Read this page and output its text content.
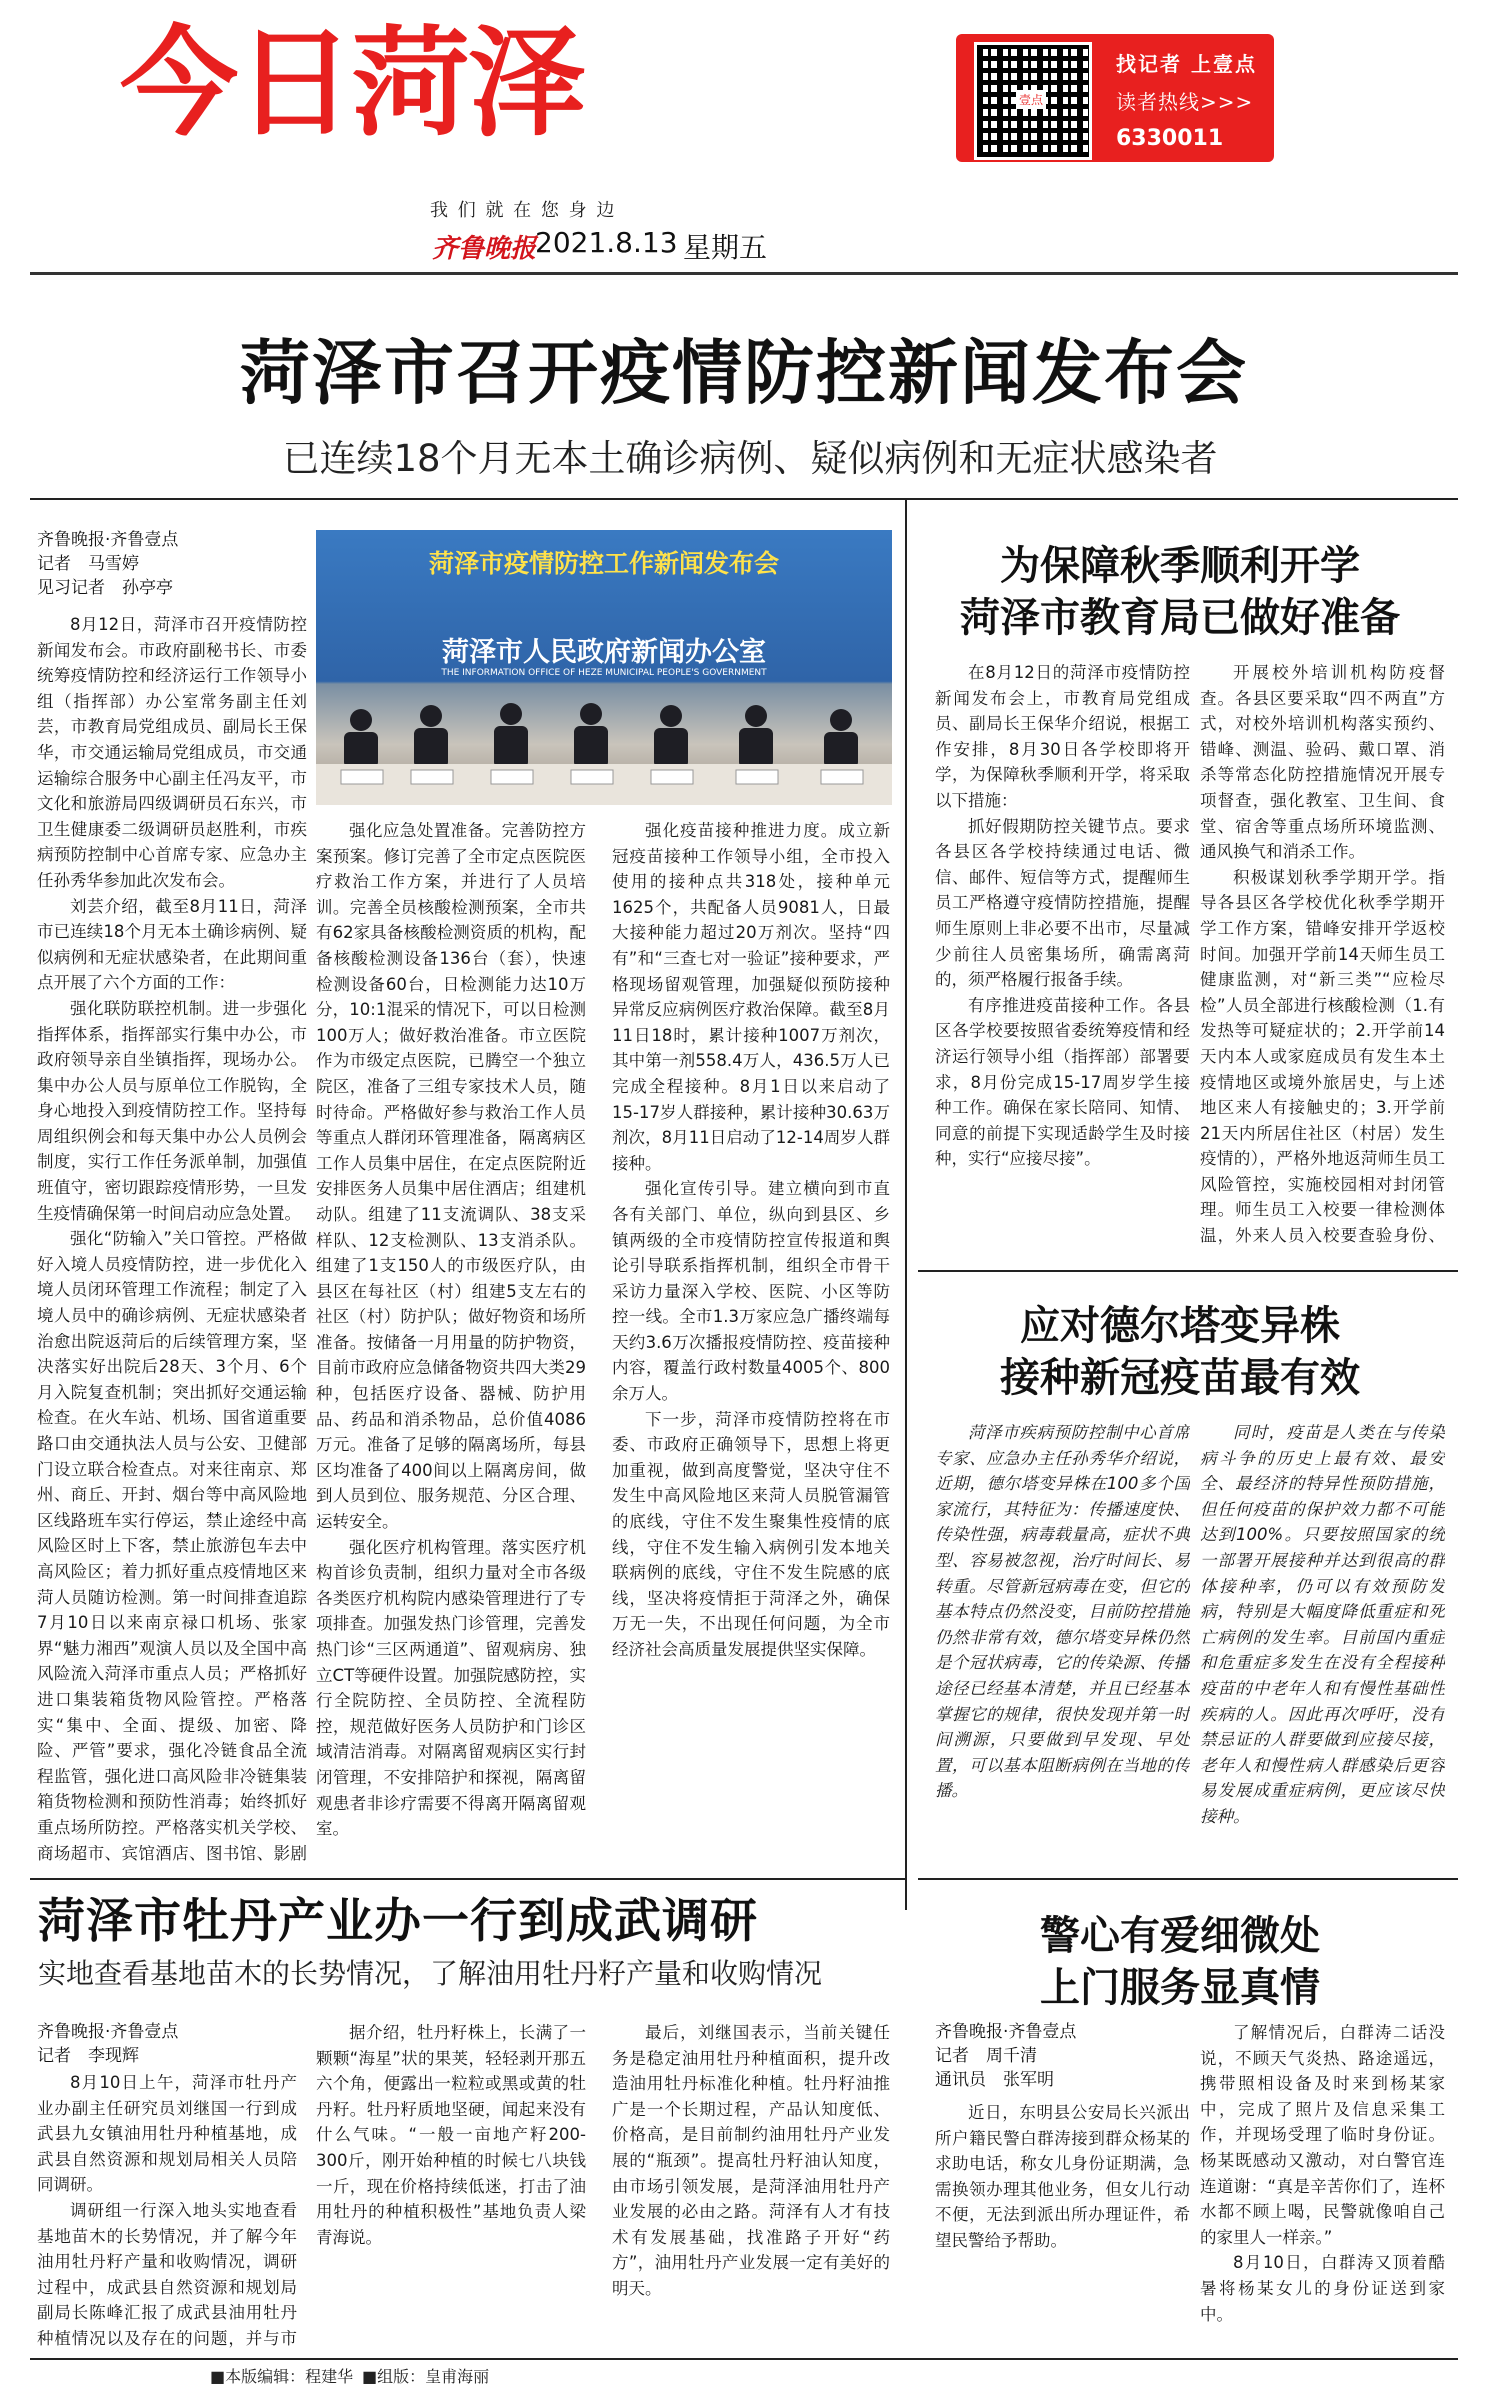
今日菏泽
我 们 就 在 您 身 边
齐鲁晚报
2021.8.13 星期五
壹点
找记者 上壹点
读者热线>>>
6330011
菏泽市召开疫情防控新闻发布会
已连续18个月无本土确诊病例、疑似病例和无症状感染者
齐鲁晚报·齐鲁壹点
记者　马雪婷
见习记者　孙亭亭
菏泽市疫情防控工作新闻发布会
菏泽市人民政府新闻办公室
THE INFORMATION OFFICE OF HEZE MUNICIPAL PEOPLE'S GOVERNMENT

8月12日，菏泽市召开疫情防控新闻发布会。市政府副秘书长、市委统筹疫情防控和经济运行工作领导小组（指挥部）办公室常务副主任刘芸，市教育局党组成员、副局长王保华，市交通运输局党组成员，市交通运输综合服务中心副主任冯友平，市文化和旅游局四级调研员石东兴，市卫生健康委二级调研员赵胜利，市疾病预防控制中心首席专家、应急办主任孙秀华参加此次发布会。

刘芸介绍，截至8月11日，菏泽市已连续18个月无本土确诊病例、疑似病例和无症状感染者，在此期间重点开展了六个方面的工作：

强化联防联控机制。进一步强化指挥体系，指挥部实行集中办公，市政府领导亲自坐镇指挥，现场办公。集中办公人员与原单位工作脱钩，全身心地投入到疫情防控工作。坚持每周组织例会和每天集中办公人员例会制度，实行工作任务派单制，加强值班值守，密切跟踪疫情形势，一旦发生疫情确保第一时间启动应急处置。

强化“防输入”关口管控。严格做好入境人员疫情防控，进一步优化入境人员闭环管理工作流程；制定了入境人员中的确诊病例、无症状感染者治愈出院返菏后的后续管理方案，坚决落实好出院后28天、3个月、6个月入院复查机制；突出抓好交通运输检查。在火车站、机场、国省道重要路口由交通执法人员与公安、卫健部门设立联合检查点。对来往南京、郑州、商丘、开封、烟台等中高风险地区线路班车实行停运，禁止途经中高风险区时上下客，禁止旅游包车去中高风险区；着力抓好重点疫情地区来菏人员随访检测。第一时间排查追踪7月10日以来南京禄口机场、张家界“魅力湘西”观演人员以及全国中高风险流入菏泽市重点人员；严格抓好进口集装箱货物风险管控。严格落实“集中、全面、提级、加密、降险、严管”要求，强化冷链食品全流程监管，强化进口高风险非冷链集装箱货物检测和预防性消毒；始终抓好重点场所防控。严格落实机关学校、商场超市、宾馆酒店、图书馆、影剧

强化应急处置准备。完善防控方案预案。修订完善了全市定点医院医疗救治工作方案，并进行了人员培训。完善全员核酸检测预案，全市共有62家具备核酸检测资质的机构，配备核酸检测设备136台（套），快速检测设备60台，日检测能力达10万分，10:1混采的情况下，可以日检测100万人；做好救治准备。市立医院作为市级定点医院，已腾空一个独立院区，准备了三组专家技术人员，随时待命。严格做好参与救治工作人员等重点人群闭环管理准备，隔离病区工作人员集中居住，在定点医院附近安排医务人员集中居住酒店；组建机动队。组建了11支流调队、38支采样队、12支检测队、13支消杀队。组建了1支150人的市级医疗队，由县区在每社区（村）组建5支左右的社区（村）防护队；做好物资和场所准备。按储备一月用量的防护物资，目前市政府应急储备物资共四大类29种，包括医疗设备、器械、防护用品、药品和消杀物品，总价值4086万元。准备了足够的隔离场所，每县区均准备了400间以上隔离房间，做到人员到位、服务规范、分区合理、运转安全。

强化医疗机构管理。落实医疗机构首诊负责制，组织力量对全市各级各类医疗机构院内感染管理进行了专项排查。加强发热门诊管理，完善发热门诊“三区两通道”、留观病房、独立CT等硬件设置。加强院感防控，实行全院防控、全员防控、全流程防控，规范做好医务人员防护和门诊区域清洁消毒。对隔离留观病区实行封闭管理，不安排陪护和探视，隔离留观患者非诊疗需要不得离开隔离留观室。

强化疫苗接种推进力度。成立新冠疫苗接种工作领导小组，全市投入使用的接种点共318处，接种单元1625个，共配备人员9081人，日最大接种能力超过20万剂次。坚持“四有”和“三查七对一验证”接种要求，严格现场留观管理，加强疑似预防接种异常反应病例医疗救治保障。截至8月11日18时，累计接种1007万剂次，其中第一剂558.4万人，436.5万人已完成全程接种。8月1日以来启动了15-17岁人群接种，累计接种30.63万剂次，8月11日启动了12-14周岁人群接种。

强化宣传引导。建立横向到市直各有关部门、单位，纵向到县区、乡镇两级的全市疫情防控宣传报道和舆论引导联系指挥机制，组织全市骨干采访力量深入学校、医院、小区等防控一线。全市1.3万家应急广播终端每天约3.6万次播报疫情防控、疫苗接种内容，覆盖行政村数量4005个、800余万人。

下一步，菏泽市疫情防控将在市委、市政府正确领导下，思想上将更加重视，做到高度警觉，坚决守住不发生中高风险地区来菏人员脱管漏管的底线，守住不发生聚集性疫情的底线，守住不发生输入病例引发本地关联病例的底线，守住不发生院感的底线，坚决将疫情拒于菏泽之外，确保万无一失，不出现任何问题，为全市经济社会高质量发展提供坚实保障。

为保障秋季顺利开学
菏泽市教育局已做好准备

在8月12日的菏泽市疫情防控新闻发布会上，市教育局党组成员、副局长王保华介绍说，根据工作安排，8月30日各学校即将开学，为保障秋季顺利开学，将采取以下措施：

抓好假期防控关键节点。要求各县区各学校持续通过电话、微信、邮件、短信等方式，提醒师生员工严格遵守疫情防控措施，提醒师生原则上非必要不出市，尽量减少前往人员密集场所，确需离菏的，须严格履行报备手续。

有序推进疫苗接种工作。各县区各学校要按照省委统筹疫情和经济运行领导小组（指挥部）部署要求，8月份完成15-17周岁学生接种工作。确保在家长陪同、知情、同意的前提下实现适龄学生及时接种，实行“应接尽接”。

开展校外培训机构防疫督查。各县区要采取“四不两直”方式，对校外培训机构落实预约、错峰、测温、验码、戴口罩、消杀等常态化防控措施情况开展专项督查，强化教室、卫生间、食堂、宿舍等重点场所环境监测、通风换气和消杀工作。

积极谋划秋季学期开学。指导各县区各学校优化秋季学期开学工作方案，错峰安排开学返校时间。加强开学前14天师生员工健康监测，对“新三类”“应检尽检”人员全部进行核酸检测（1.有发热等可疑症状的；2.开学前14天内本人或家庭成员有发生本土疫情地区或境外旅居史，与上述地区来人有接触史的；3.开学前21天内所居住社区（村居）发生疫情的），严格外地返菏师生员工风险管控，实施校园相对封闭管理。师生员工入校要一律检测体温，外来人员入校要查验身份、

应对德尔塔变异株
接种新冠疫苗最有效

菏泽市疾病预防控制中心首席专家、应急办主任孙秀华介绍说，近期，德尔塔变异株在100多个国家流行，其特征为：传播速度快、传染性强，病毒载量高，症状不典型、容易被忽视，治疗时间长、易转重。尽管新冠病毒在变，但它的基本特点仍然没变，目前防控措施仍然非常有效，德尔塔变异株仍然是个冠状病毒，它的传染源、传播途径已经基本清楚，并且已经基本掌握它的规律，很快发现并第一时间溯源，只要做到早发现、早处置，可以基本阻断病例在当地的传播。

同时，疫苗是人类在与传染病斗争的历史上最有效、最安全、最经济的特异性预防措施，但任何疫苗的保护效力都不可能达到100%。只要按照国家的统一部署开展接种并达到很高的群体接种率，仍可以有效预防发病，特别是大幅度降低重症和死亡病例的发生率。目前国内重症和危重症多发生在没有全程接种疫苗的中老年人和有慢性基础性疾病的人。因此再次呼吁，没有禁忌证的人群要做到应接尽接，老年人和慢性病人群感染后更容易发展成重症病例，更应该尽快接种。

菏泽市牡丹产业办一行到成武调研
实地查看基地苗木的长势情况，了解油用牡丹籽产量和收购情况
齐鲁晚报·齐鲁壹点
记者　李现辉

8月10日上午，菏泽市牡丹产业办副主任研究员刘继国一行到成武县九女镇油用牡丹种植基地，成武县自然资源和规划局相关人员陪同调研。

调研组一行深入地头实地查看基地苗木的长势情况，并了解今年油用牡丹籽产量和收购情况，调研过程中，成武县自然资源和规划局副局长陈峰汇报了成武县油用牡丹种植情况以及存在的问题，并与市

据介绍，牡丹籽株上，长满了一颗颗“海星”状的果荚，轻轻剥开那五六个角，便露出一粒粒或黑或黄的牡丹籽。牡丹籽质地坚硬，闻起来没有什么气味。“一般一亩地产籽200-300斤，刚开始种植的时候七八块钱一斤，现在价格持续低迷，打击了油用牡丹的种植积极性”基地负责人梁青海说。

最后，刘继国表示，当前关键任务是稳定油用牡丹种植面积，提升改造油用牡丹标准化种植。牡丹籽油推广是一个长期过程，产品认知度低、价格高，是目前制约油用牡丹产业发展的“瓶颈”。提高牡丹籽油认知度，由市场引领发展，是菏泽油用牡丹产业发展的必由之路。菏泽有人才有技术有发展基础，找准路子开好“药方”，油用牡丹产业发展一定有美好的明天。

警心有爱细微处
上门服务显真情
齐鲁晚报·齐鲁壹点
记者　周千清
通讯员　张军明

近日，东明县公安局长兴派出所户籍民警白群涛接到群众杨某的求助电话，称女儿身份证期满，急需换领办理其他业务，但女儿行动不便，无法到派出所办理证件，希望民警给予帮助。

了解情况后，白群涛二话没说，不顾天气炎热、路途遥远，携带照相设备及时来到杨某家中，完成了照片及信息采集工作，并现场受理了临时身份证。杨某既感动又激动，对白警官连连道谢：“真是辛苦你们了，连杯水都不顾上喝，民警就像咱自己的家里人一样亲。”

8月10日，白群涛又顶着酷暑将杨某女儿的身份证送到家中。

■本版编辑：程建华 ■组版：皇甫海丽
